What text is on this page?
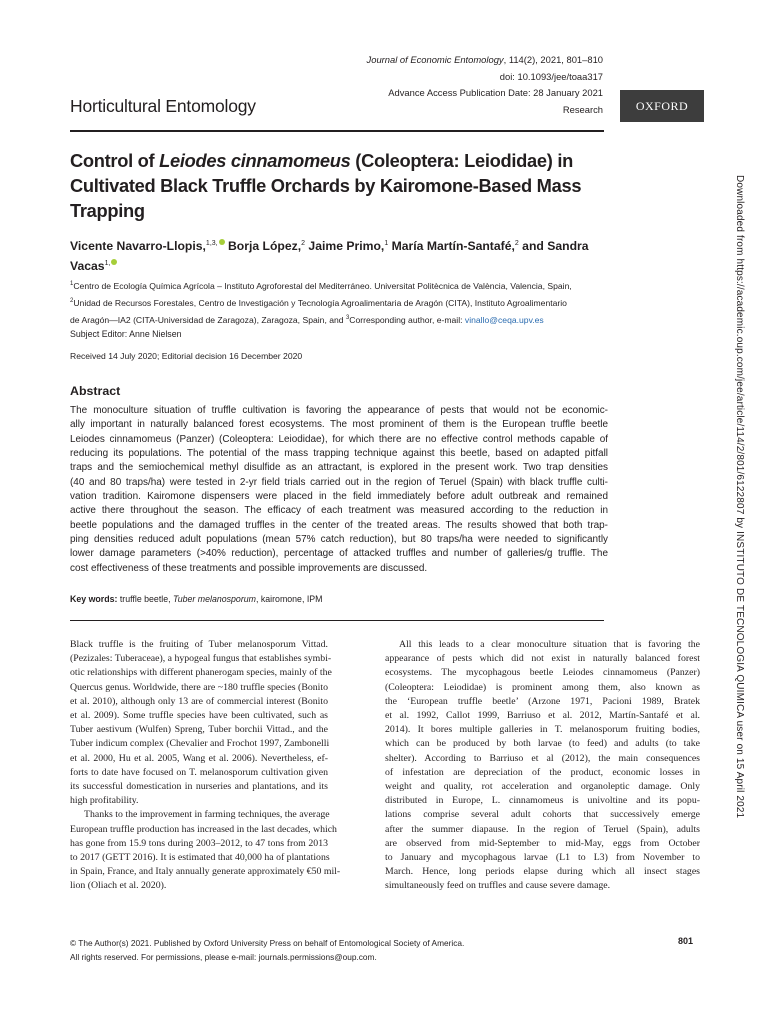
Journal of Economic Entomology, 114(2), 2021, 801–810
doi: 10.1093/jee/toaa317
Advance Access Publication Date: 28 January 2021
Research	OXFORD
Horticultural Entomology
Control of Leiodes cinnamomeus (Coleoptera: Leiodidae) in Cultivated Black Truffle Orchards by Kairomone-Based Mass Trapping
Vicente Navarro-Llopis,$^{1,3,}$ Borja López,$^2$ Jaime Primo,$^1$ María Martín-Santafé,$^2$ and Sandra Vacas$^{1,}$
$^1$Centro de Ecología Química Agrícola – Instituto Agroforestal del Mediterráneo. Universitat Politècnica de València, Valencia, Spain,
$^2$Unidad de Recursos Forestales, Centro de Investigación y Tecnología Agroalimentaria de Aragón (CITA), Instituto Agroalimentario
de Aragón—IA2 (CITA-Universidad de Zaragoza), Zaragoza, Spain, and $^3$Corresponding author, e-mail: vinallo@ceqa.upv.es
Subject Editor: Anne Nielsen
Received 14 July 2020; Editorial decision 16 December 2020
Abstract
The monoculture situation of truffle cultivation is favoring the appearance of pests that would not be economic-
ally important in naturally balanced forest ecosystems. The most prominent of them is the European truffle beetle
Leiodes cinnamomeus (Panzer) (Coleoptera: Leiodidae), for which there are no effective control methods capable of
reducing its populations. The potential of the mass trapping technique against this beetle, based on adapted pitfall
traps and the semiochemical methyl disulfide as an attractant, is explored in the present work. Two trap densities
(40 and 80 traps/ha) were tested in 2-yr field trials carried out in the region of Teruel (Spain) with black truffle culti-
vation tradition. Kairomone dispensers were placed in the field immediately before adult outbreak and remained
active there throughout the season. The efficacy of each treatment was measured according to the reduction in
beetle populations and the damaged truffles in the center of the treated areas. The results showed that both trap-
ping densities reduced adult populations (mean 57% catch reduction), but 80 traps/ha were needed to significantly
lower damage parameters (>40% reduction), percentage of attacked truffles and number of galleries/g truffle. The
cost effectiveness of these treatments and possible improvements are discussed.
Key words: truffle beetle, Tuber melanosporum, kairomone, IPM
Black truffle is the fruiting of Tuber melanosporum Vittad.
(Pezizales: Tuberaceae), a hypogeal fungus that establishes symbi-
otic relationships with different phanerogam species, mainly of the
Quercus genus. Worldwide, there are ~180 truffle species (Bonito
et al. 2010), although only 13 are of commercial interest (Bonito
et al. 2009). Some truffle species have been cultivated, such as
Tuber aestivum (Wulfen) Spreng, Tuber borchii Vittad., and the
Tuber indicum complex (Chevalier and Frochot 1997, Zambonelli
et al. 2000, Hu et al. 2005, Wang et al. 2006). Nevertheless, ef-
forts to date have focused on T. melanosporum cultivation given
its successful domestication in nurseries and plantations, and its
high profitability.
Thanks to the improvement in farming techniques, the average
European truffle production has increased in the last decades, which
has gone from 15.9 tons during 2003–2012, to 47 tons from 2013
to 2017 (GETT 2016). It is estimated that 40,000 ha of plantations
in Spain, France, and Italy annually generate approximately €50 mil-
lion (Oliach et al. 2020).
All this leads to a clear monoculture situation that is favoring the
appearance of pests which did not exist in naturally balanced forest
ecosystems. The mycophagous beetle Leiodes cinnamomeus (Panzer)
(Coleoptera: Leiodidae) is prominent among them, also known as
the ‘European truffle beetle’ (Arzone 1971, Pacioni 1989, Bratek
et al. 1992, Callot 1999, Barriuso et al. 2012, Martín-Santafé et al.
2014). It bores multiple galleries in T. melanosporum fruiting bodies,
which can be produced by both larvae (to feed) and adults (to take
shelter). According to Barriuso et al (2012), the main consequences
of infestation are depreciation of the product, economic losses in
weight and quality, rot acceleration and organoleptic damage. Only
distributed in Europe, L. cinnamomeus is univoltine and its popu-
lations comprise several adult cohorts that successively emerge
after the summer diapause. In the region of Teruel (Spain), adults
are observed from mid-September to mid-May, eggs from October
to January and mycophagous larvae (L1 to L3) from November to
March. Hence, long periods elapse during which all insect stages
simultaneously feed on truffles and cause severe damage.
© The Author(s) 2021. Published by Oxford University Press on behalf of Entomological Society of America.
All rights reserved. For permissions, please e-mail: journals.permissions@oup.com.
801
Downloaded from https://academic.oup.com/jee/article/114/2/801/6122807 by INSTITUTO DE TECNOLOGIA QUIMICA user on 15 April 2021
